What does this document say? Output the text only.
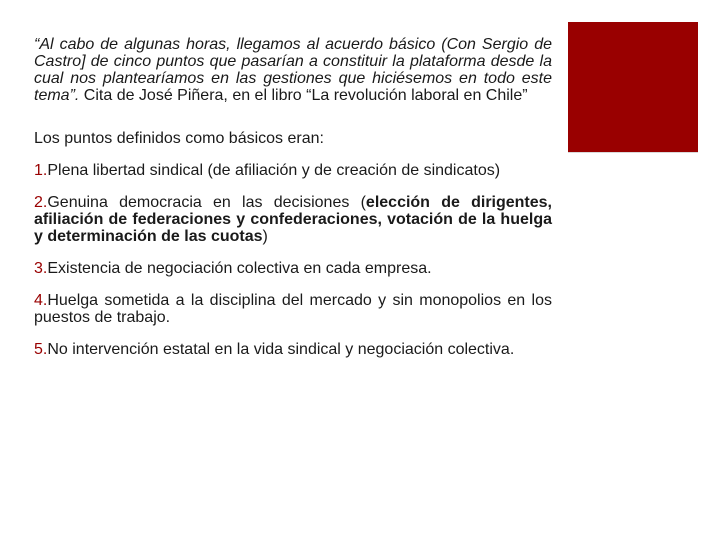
“Al cabo de algunas horas, llegamos al acuerdo básico (Con Sergio de Castro] de cinco puntos que pasarían a constituir la plataforma desde la cual nos plantearíamos en las gestiones que hiciésemos en todo este tema”. Cita de José Piñera, en el libro “La revolución laboral en Chile”

Los puntos definidos como básicos eran:

1.Plena libertad sindical (de afiliación y de creación de sindicatos)
2.Genuina democracia en las decisiones (elección de dirigentes, afiliación de federaciones y confederaciones, votación de la huelga y determinación de las cuotas)
3.Existencia de negociación colectiva en cada empresa.
4.Huelga sometida a la disciplina del mercado y sin monopolios en los puestos de trabajo.
5.No intervención estatal en la vida sindical y negociación colectiva.
